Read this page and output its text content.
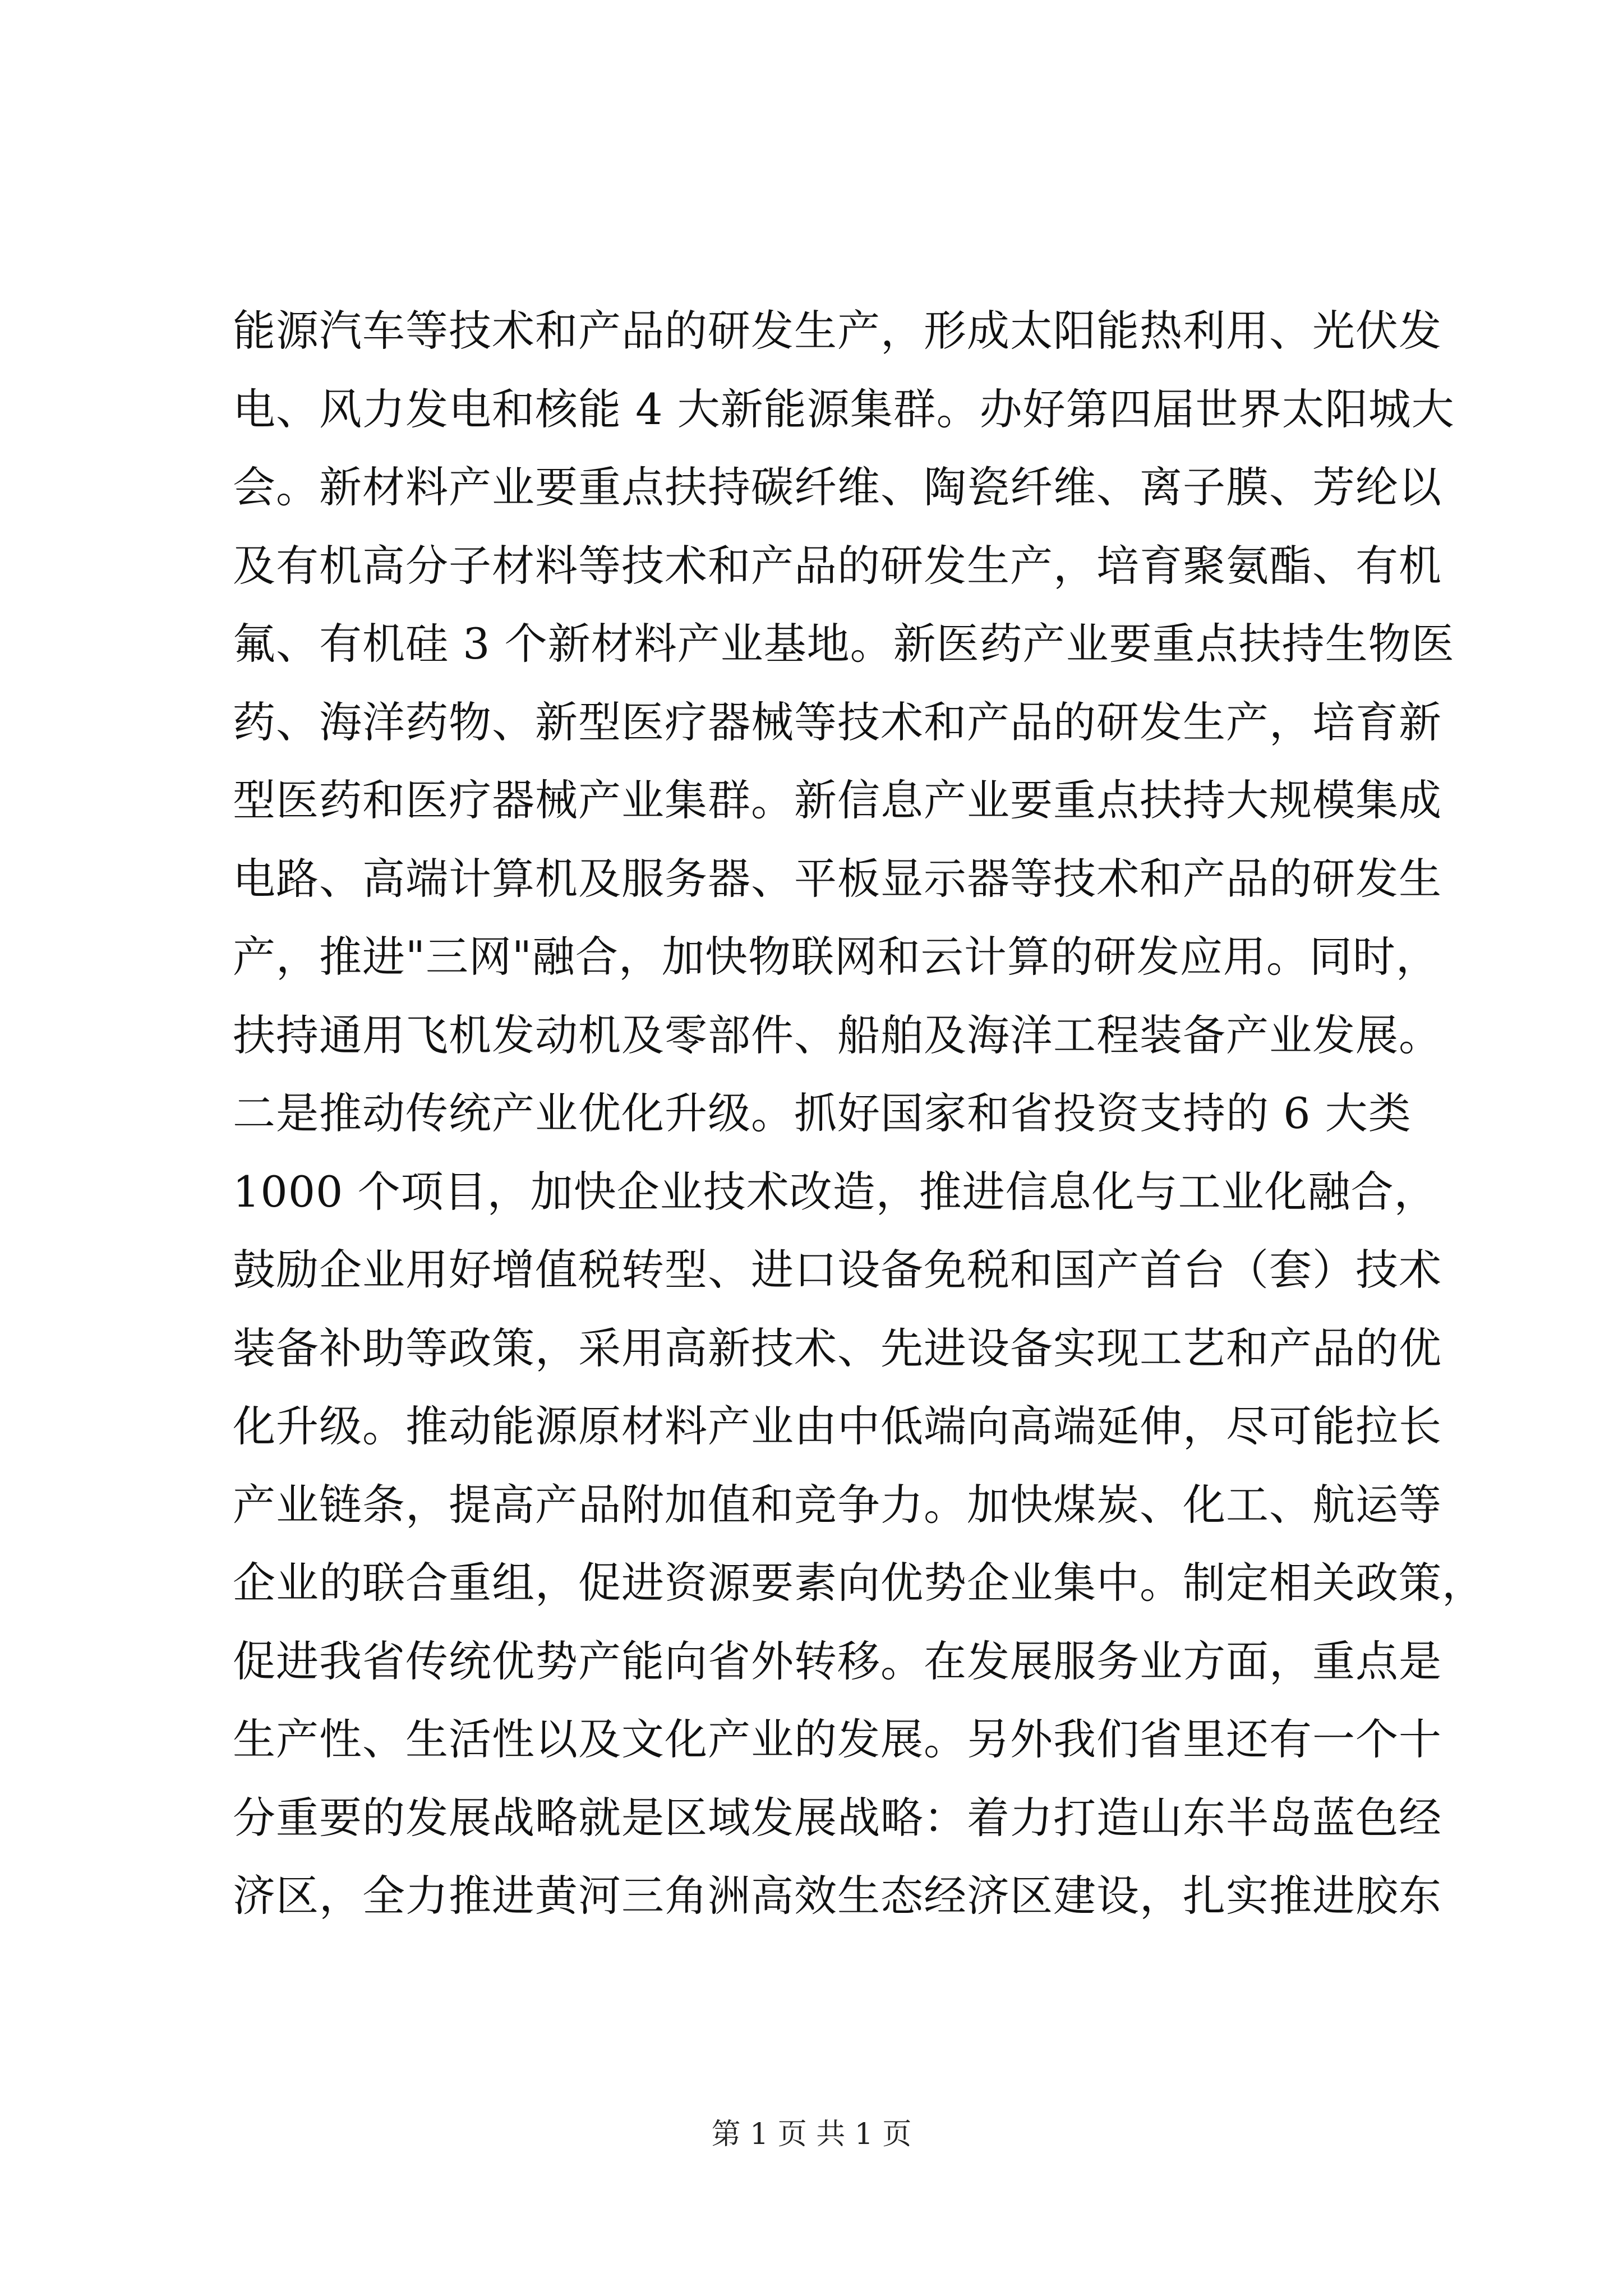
能源汽车等技术和产品的研发生产，形成太阳能热利用、光伏发
电、风力发电和核能 4 大新能源集群。办好第四届世界太阳城大
会。新材料产业要重点扶持碳纤维、陶瓷纤维、离子膜、芳纶以
及有机高分子材料等技术和产品的研发生产，培育聚氨酯、有机
氟、有机硅 3 个新材料产业基地。新医药产业要重点扶持生物医
药、海洋药物、新型医疗器械等技术和产品的研发生产，培育新
型医药和医疗器械产业集群。新信息产业要重点扶持大规模集成
电路、高端计算机及服务器、平板显示器等技术和产品的研发生
产，推进"三网"融合，加快物联网和云计算的研发应用。同时，
扶持通用飞机发动机及零部件、船舶及海洋工程装备产业发展。
二是推动传统产业优化升级。抓好国家和省投资支持的 6 大类
1000 个项目，加快企业技术改造，推进信息化与工业化融合，
鼓励企业用好增值税转型、进口设备免税和国产首台（套）技术
装备补助等政策，采用高新技术、先进设备实现工艺和产品的优
化升级。推动能源原材料产业由中低端向高端延伸，尽可能拉长
产业链条，提高产品附加值和竞争力。加快煤炭、化工、航运等
企业的联合重组，促进资源要素向优势企业集中。制定相关政策，
促进我省传统优势产能向省外转移。在发展服务业方面，重点是
生产性、生活性以及文化产业的发展。另外我们省里还有一个十
分重要的发展战略就是区域发展战略：着力打造山东半岛蓝色经
济区，全力推进黄河三角洲高效生态经济区建设，扎实推进胶东
第 1 页 共 1 页
